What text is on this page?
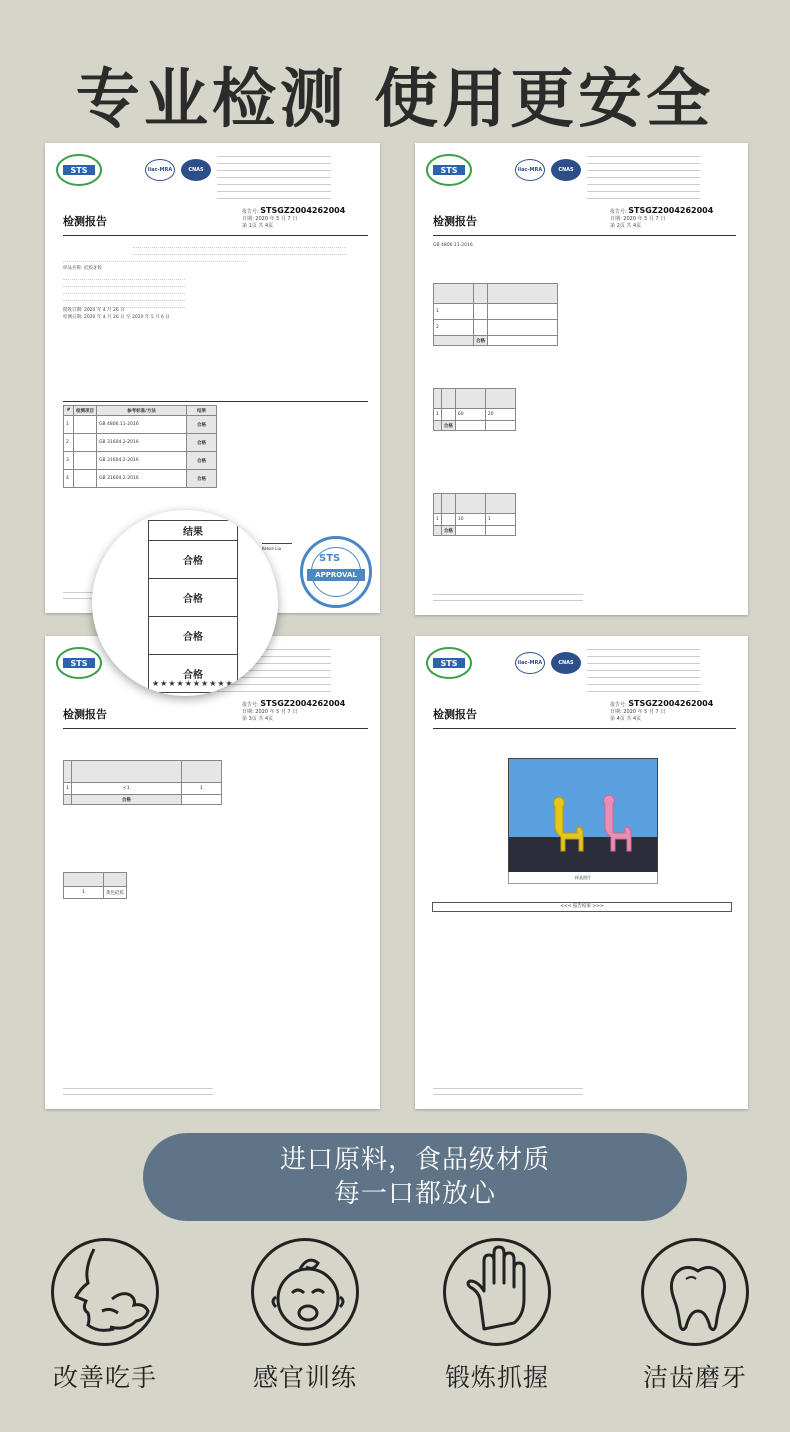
专业检测 使用更安全
STS	ilac-MRA	CNAS
检测报告
报告号: STSGZ2004262004
日期: 2020 年 5 月 7 日
第 1页 共 4页
样品名称: 硅胶牙胶
接收日期: 2020 年 4 月 26 日
检测日期: 2020 年 4 月 26 日 至 2020 年 5 月 6 日
#	检测项目	参考标准/方法	结果
1		GB 4806.11-2016	合格
2		GB 31604.2-2016	合格
3		GB 31604.2-2016	合格
4		GB 31604.2-2016	合格
STS	ilac-MRA	CNAS
检测报告
报告号: STSGZ2004262004
日期: 2020 年 5 月 7 日
第 2页 共 4页
GB 4806.11-2016

1		
2		
	合格	

1		60	20
	合格		

1		10	1
	合格		
STS
检测报告
报告号: STSGZ2004262004
日期: 2020 年 5 月 7 日
第 3页 共 4页

1	<1	1
	合格	

1	黄色硅胶
STS	ilac-MRA	CNAS
检测报告
报告号: STSGZ2004262004
日期: 2020 年 5 月 7 日
第 4页 共 4页
样品照片
<<< 报告结束 >>>
Kelvin Liu
STS
APPROVAL
结果
合格
合格
合格
合格
★★★★★★★★★★★
进口原料，食品级材质
每一口都放心
改善吃手	感官训练	锻炼抓握	洁齿磨牙
